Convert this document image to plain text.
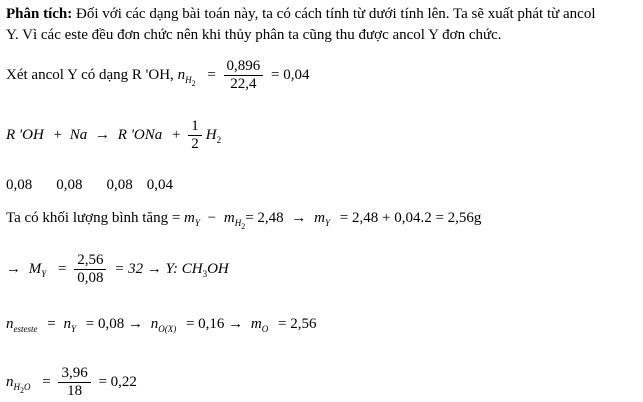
Phân tích: Đối với các dạng bài toán này, ta có cách tính từ dưới tính lên. Ta sẽ xuất phát từ ancol
Y. Vì các este đều đơn chức nên khi thủy phân ta cũng thu được ancol Y đơn chức.
Xét ancol Y có dạng R 'OH, $n_{H2} = \frac{0,896}{22,4} = 0,04$
R 'OH + Na → R 'ONa + $\frac{1}{2} H_2$
0,08 0,08 0,08 0,04
Ta có khối lượng bình tăng = $m_Y - m_{H2}= 2,48 \to m_Y = 2,48 + 0,04.2 = 2,56g$
→ $M_Y = \frac{2,56}{0,08} = 32 \to Y$: $CH_3OH$
$n_{esteste} = n_Y = 0,08 \to n_{O(X)} = 0,16 \to m_O = 2,56$
$n_{H2O} = \frac{3,96}{18} = 0,22$
